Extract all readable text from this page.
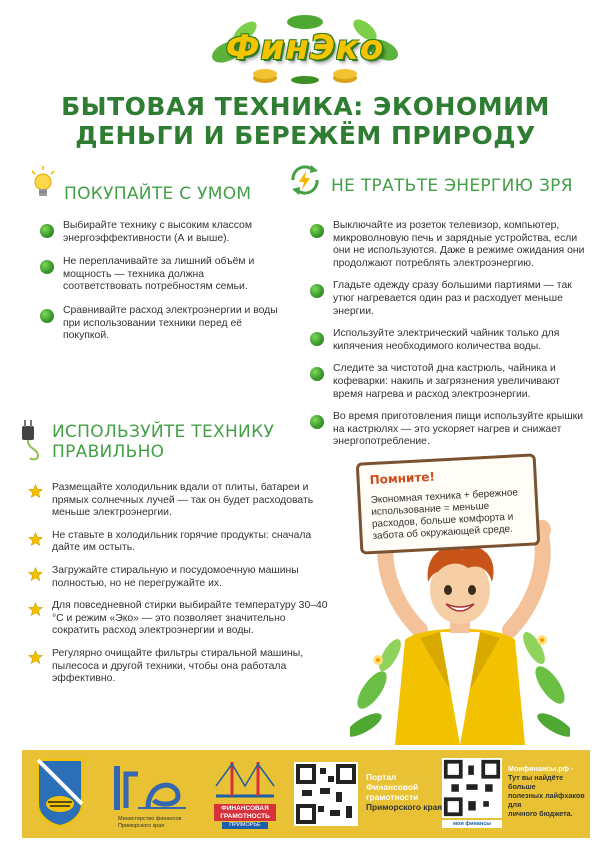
ФинЭко
БЫТОВАЯ ТЕХНИКА: ЭКОНОМИМ
ДЕНЬГИ И БЕРЕЖЁМ ПРИРОДУ
ПОКУПАЙТЕ С УМОМ
Выбирайте технику с высоким классом энергоэффективности (А и выше).
Не переплачивайте за лишний объём и мощность — техника должна соответствовать потребностям семьи.
Сравнивайте расход электроэнергии и воды при использовании техники перед её покупкой.
НЕ ТРАТЬТЕ ЭНЕРГИЮ ЗРЯ
Выключайте из розеток телевизор, компьютер, микроволновую печь и зарядные устройства, если они не используются. Даже в режиме ожидания они продолжают потреблять электроэнергию.
Гладьте одежду сразу большими партиями — так утюг нагревается один раз и расходует меньше энергии.
Используйте электрический чайник только для кипячения необходимого количества воды.
Следите за чистотой дна кастрюль, чайника и кофеварки: накипь и загрязнения увеличивают время нагрева и расход электроэнергии.
Во время приготовления пищи используйте крышки на кастрюлях — это ускоряет нагрев и снижает энергопотребление.
ИСПОЛЬЗУЙТЕ ТЕХНИКУ
ПРАВИЛЬНО
Размещайте холодильник вдали от плиты, батареи и прямых солнечных лучей — так он будет расходовать меньше электроэнергии.
Не ставьте в холодильник горячие продукты: сначала дайте им остыть.
Загружайте стиральную и посудомоечную машины полностью, но не перегружайте их.
Для повседневной стирки выбирайте температуру 30–40 °С и режим «Эко» — это позволяет значительно сократить расход электроэнергии и воды.
Регулярно очищайте фильтры стиральной машины, пылесоса и другой техники, чтобы она работала эффективно.
Помните!
Экономная техника + бережное использование = меньше расходов, больше комфорта и забота об окружающей среде.
Министерство финансов Приморского края
ФИНАНСОВАЯ
ГРАМОТНОСТЬ
ПРИМОРЬЕ
Портал
Финансовой
грамотности
Приморского края
мои финансы
Моифинансы.рф -
Тут вы найдёте больше
полезных лайфхаков для
личного бюджета.
